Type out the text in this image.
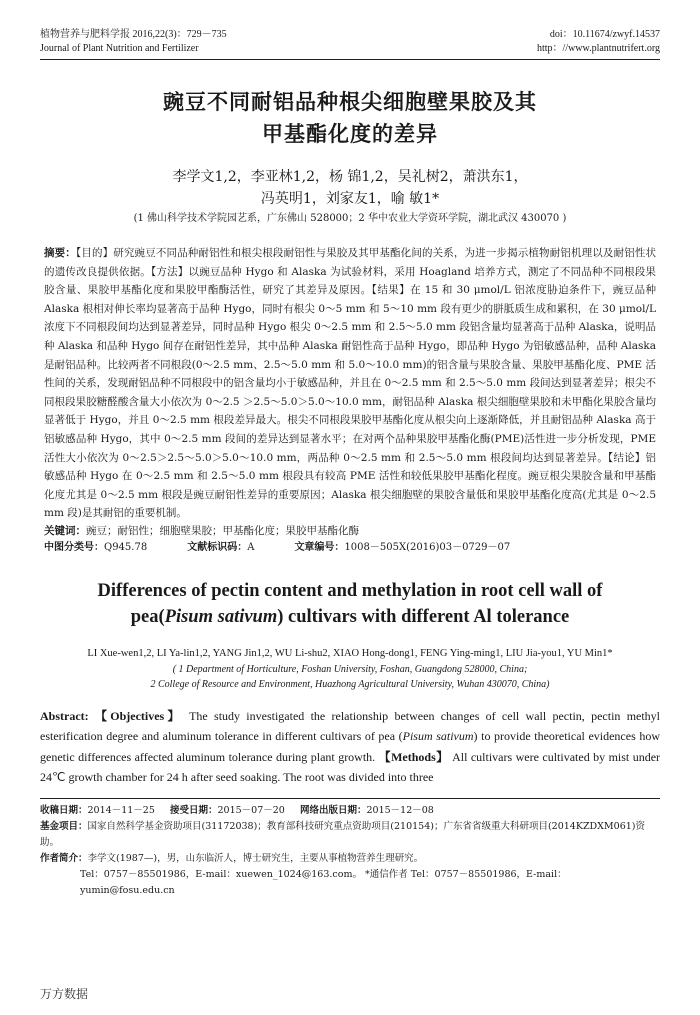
植物营养与肥料学报 2016,22(3)：729－735	doi：10.11674/zwyf.14537
Journal of Plant Nutrition and Fertilizer	http：//www.plantnutrifert.org
豌豆不同耐铝品种根尖细胞壁果胶及其
甲基酯化度的差异
李学文1,2，李亚林1,2，杨 锦1,2，吴礼树2，萧洪东1，
冯英明1，刘家友1，喻 敏1*
(1 佛山科学技术学院园艺系，广东佛山 528000；2 华中农业大学资环学院，湖北武汉 430070 )
摘要：【目的】研究豌豆不同品种耐铝性和根尖根段耐铝性与果胶及其甲基酯化间的关系，为进一步揭示植物耐铝机理以及耐铝性状的遗传改良提供依据。【方法】以豌豆品种 Hygo 和 Alaska 为试验材料，采用 Hoagland 培养方式，测定了不同品种不同根段果胶含量、果胶甲基酯化度和果胶甲酯酶活性，研究了其差异及原因。【结果】在 15 和 30 μmol/L 铝浓度胁迫条件下，豌豆品种 Alaska 根相对伸长率均显著高于品种 Hygo，同时有根尖 0～5 mm 和 5～10 mm 段有更少的胼胝质生成和累积，在 30 μmol/L 浓度下不同根段间均达到显著差异，同时品种 Hygo 根尖 0～2.5 mm 和 2.5～5.0 mm 段铝含量均显著高于品种 Alaska，说明品种 Alaska 和品种 Hygo 间存在耐铝性差异，其中品种 Alaska 耐铝性高于品种 Hygo，即品种 Hygo 为铝敏感品种，品种 Alaska 是耐铝品种。比较两者不同根段(0～2.5 mm、2.5～5.0 mm 和 5.0～10.0 mm)的铝含量与果胶含量、果胶甲基酯化度、PME 活性间的关系，发现耐铝品种不同根段中的铝含量均小于敏感品种，并且在 0～2.5 mm 和 2.5～5.0 mm 段间达到显著差异；根尖不同根段果胶糖醛酸含量大小依次为 0～2.5 ＞2.5～5.0＞5.0～10.0 mm，耐铝品种 Alaska 根尖细胞壁果胶和未甲酯化果胶含量均显著低于 Hygo，并且 0～2.5 mm 根段差异最大。根尖不同根段果胶甲基酯化度从根尖向上逐渐降低，并且耐铝品种 Alaska 高于铝敏感品种 Hygo，其中 0～2.5 mm 段间的差异达到显著水平；在对两个品种果胶甲基酯化酶(PME)活性进一步分析发现，PME 活性大小依次为 0～2.5＞2.5～5.0＞5.0～10.0 mm，两品种 0～2.5 mm 和 2.5～5.0 mm 根段间均达到显著差异。【结论】铝敏感品种 Hygo 在 0～2.5 mm 和 2.5～5.0 mm 根段具有较高 PME 活性和较低果胶甲基酯化程度。豌豆根尖果胶含量和甲基酯化度尤其是 0～2.5 mm 根段是豌豆耐铝性差异的重要原因；Alaska 根尖细胞壁的果胶含量低和果胶甲基酯化度高(尤其是 0～2.5 mm 段)是其耐铝的重要机制。
关键词：豌豆；耐铝性；细胞壁果胶；甲基酯化度；果胶甲基酯化酶
中图分类号：Q945.78	文献标识码：A	文章编号：1008－505X(2016)03－0729－07
Differences of pectin content and methylation in root cell wall of
pea(Pisum sativum) cultivars with different Al tolerance
LI Xue-wen1,2, LI Ya-lin1,2, YANG Jin1,2, WU Li-shu2, XIAO Hong-dong1, FENG Ying-ming1, LIU Jia-you1, YU Min1*
( 1 Department of Horticulture, Foshan University, Foshan, Guangdong 528000, China;
2 College of Resource and Environment, Huazhong Agricultural University, Wuhan 430070, China)
Abstract: 【Objectives】 The study investigated the relationship between changes of cell wall pectin, pectin methyl esterification degree and aluminum tolerance in different cultivars of pea (Pisum sativum) to provide theoretical evidences how genetic differences affected aluminum tolerance during plant growth. 【Methods】 All cultivars were cultivated by mist under 24℃ growth chamber for 24 h after seed soaking. The root was divided into three
收稿日期：2014－11－25 接受日期：2015－07－20 网络出版日期：2015－12－08
基金项目：国家自然科学基金资助项目(31172038)；教育部科技研究重点资助项目(210154)；广东省省级重大科研项目(2014KZDXM061)资助。
作者简介：李学文(1987—)，男，山东临沂人，博士研究生，主要从事植物营养生理研究。
Tel：0757－85501986，E-mail：xuewen_1024@163.com。 *通信作者 Tel：0757－85501986，E-mail：yumin@fosu.edu.cn
万方数据
